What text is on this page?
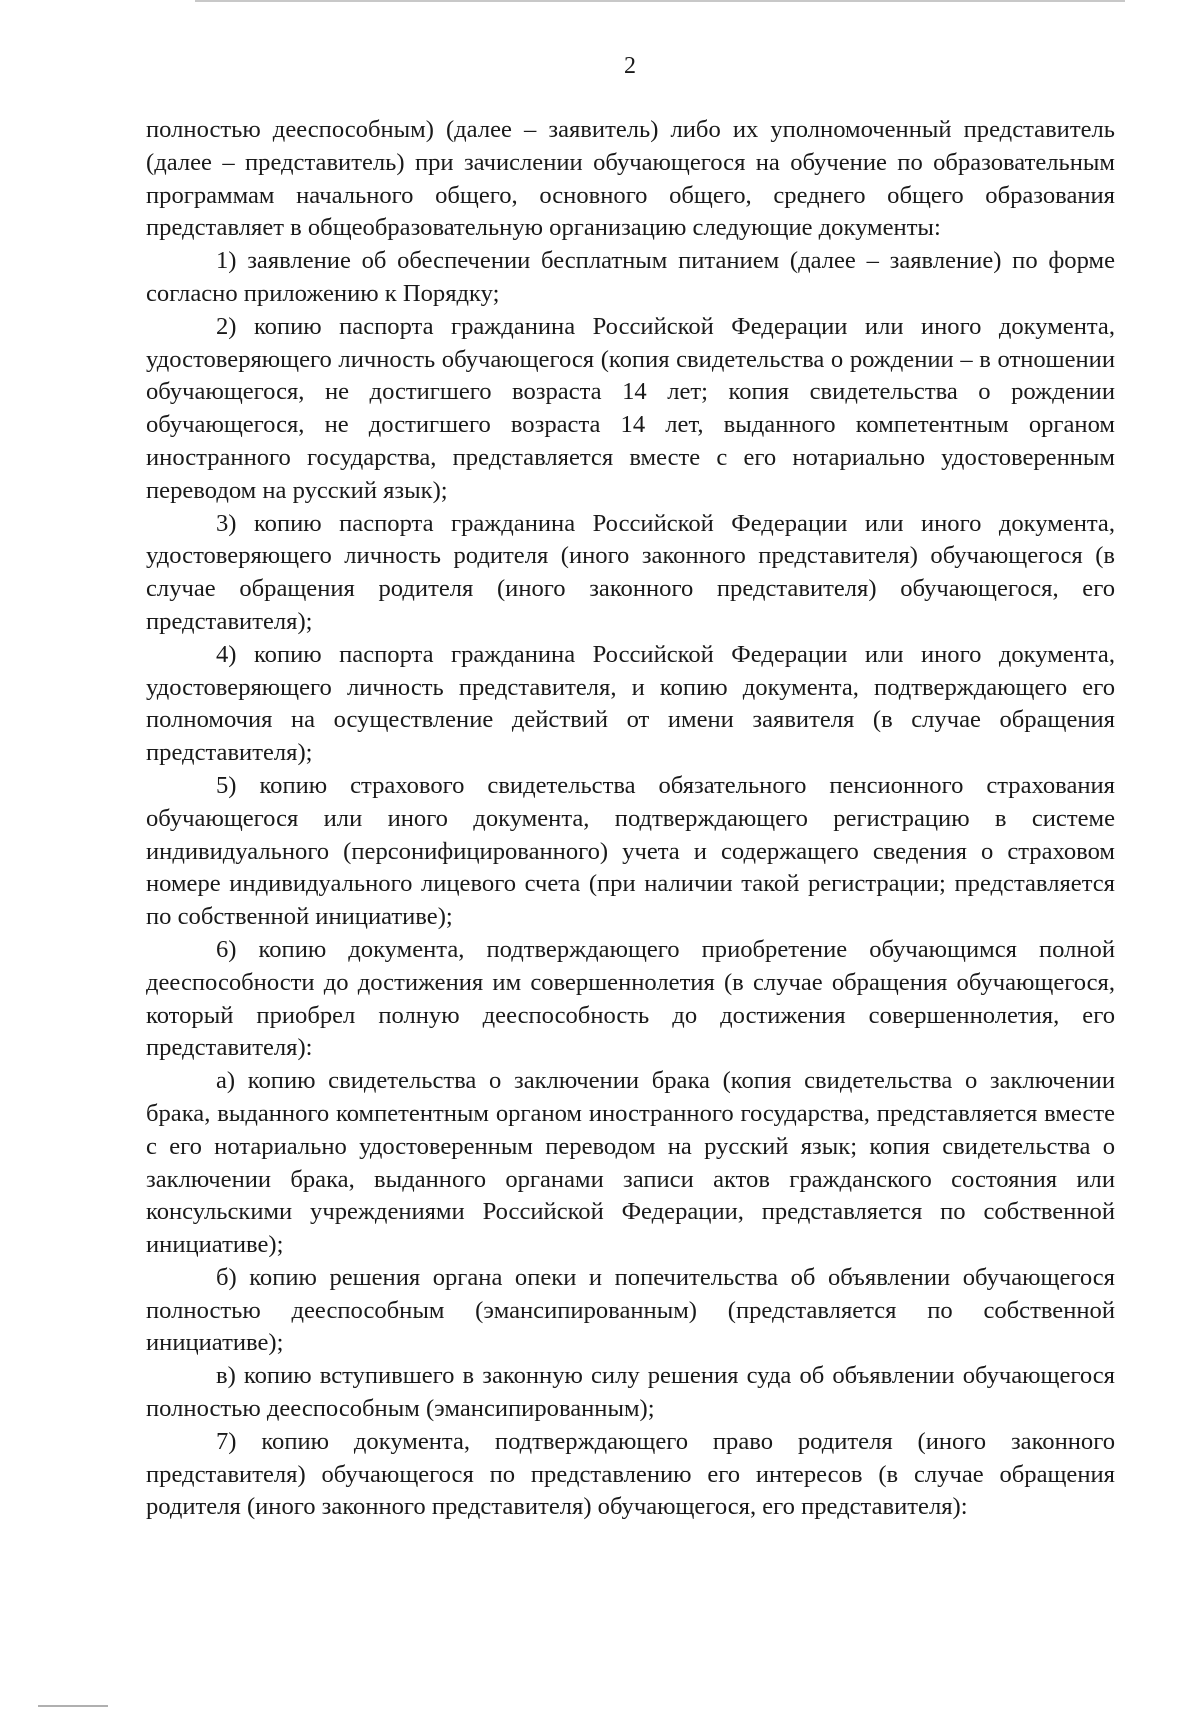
2

полностью дееспособным) (далее – заявитель) либо их уполномоченный представитель (далее – представитель) при зачислении обучающегося на обучение по образовательным программам начального общего, основного общего, среднего общего образования представляет в общеобразовательную организацию следующие документы:

1) заявление об обеспечении бесплатным питанием (далее – заявление) по форме согласно приложению к Порядку;

2) копию паспорта гражданина Российской Федерации или иного документа, удостоверяющего личность обучающегося (копия свидетельства о рождении – в отношении обучающегося, не достигшего возраста 14 лет; копия свидетельства о рождении обучающегося, не достигшего возраста 14 лет, выданного компетентным органом иностранного государства, представляется вместе с его нотариально удостоверенным переводом на русский язык);

3) копию паспорта гражданина Российской Федерации или иного документа, удостоверяющего личность родителя (иного законного представителя) обучающегося (в случае обращения родителя (иного законного представителя) обучающегося, его представителя);

4) копию паспорта гражданина Российской Федерации или иного документа, удостоверяющего личность представителя, и копию документа, подтверждающего его полномочия на осуществление действий от имени заявителя (в случае обращения представителя);

5) копию страхового свидетельства обязательного пенсионного страхования обучающегося или иного документа, подтверждающего регистрацию в системе индивидуального (персонифицированного) учета и содержащего сведения о страховом номере индивидуального лицевого счета (при наличии такой регистрации; представляется по собственной инициативе);

6) копию документа, подтверждающего приобретение обучающимся полной дееспособности до достижения им совершеннолетия (в случае обращения обучающегося, который приобрел полную дееспособность до достижения совершеннолетия, его представителя):

а) копию свидетельства о заключении брака (копия свидетельства о заключении брака, выданного компетентным органом иностранного государства, представляется вместе с его нотариально удостоверенным переводом на русский язык; копия свидетельства о заключении брака, выданного органами записи актов гражданского состояния или консульскими учреждениями Российской Федерации, представляется по собственной инициативе);

б) копию решения органа опеки и попечительства об объявлении обучающегося полностью дееспособным (эмансипированным) (представляется по собственной инициативе);

в) копию вступившего в законную силу решения суда об объявлении обучающегося полностью дееспособным (эмансипированным);

7) копию документа, подтверждающего право родителя (иного законного представителя) обучающегося по представлению его интересов (в случае обращения родителя (иного законного представителя) обучающегося, его представителя):
